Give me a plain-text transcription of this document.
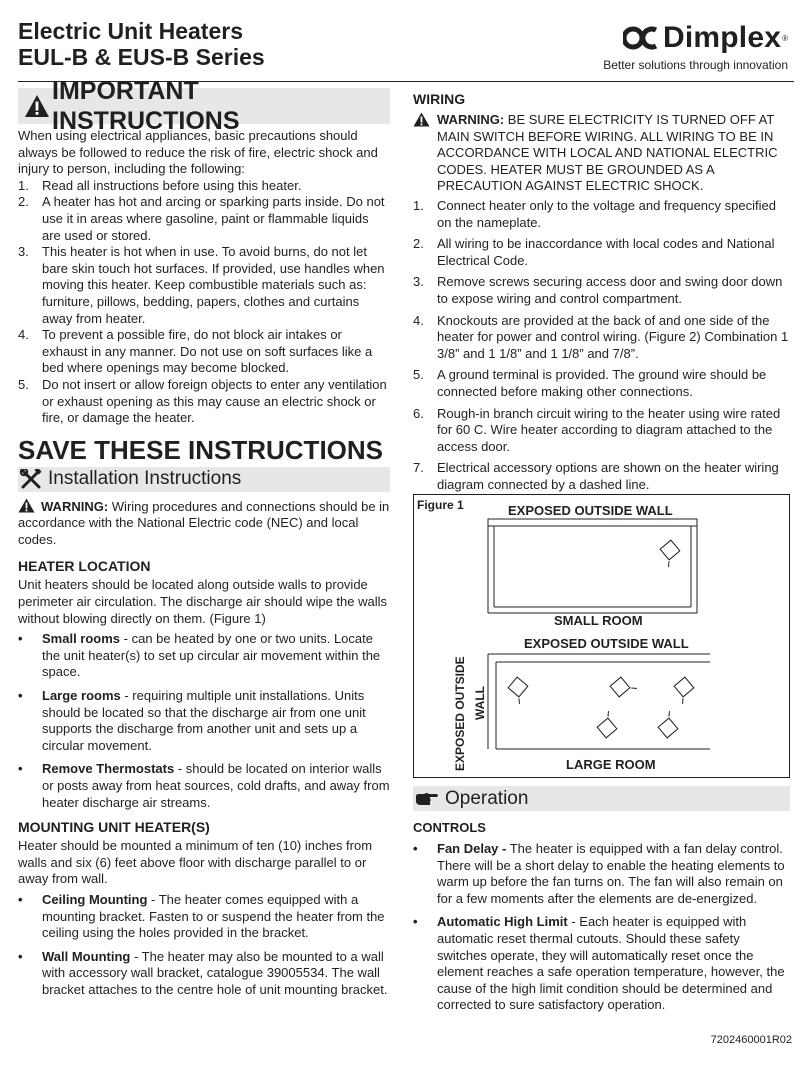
Electric Unit Heaters
EUL-B & EUS-B Series
Dimplex ®
Better solutions through innovation
IMPORTANT INSTRUCTIONS

When using electrical appliances, basic precautions should always be followed to reduce the risk of fire, electric shock and injury to person, including the following:

1.	Read all instructions before using this heater.
2.	A heater has hot and arcing or sparking parts inside. Do not use it in areas where gasoline, paint or flammable liquids are used or stored.
3.	This heater is hot when in use. To avoid burns, do not let bare skin touch hot surfaces. If provided, use handles when moving this heater. Keep combustible materials such as: furniture, pillows, bedding, papers, clothes and curtains away from heater.
4.	To prevent a possible fire, do not block air intakes or exhaust in any manner. Do not use on soft surfaces like a bed where openings may become blocked.
5.	Do not insert or allow foreign objects to enter any ventilation or exhaust opening as this may cause an electric shock or fire, or damage the heater.
SAVE THESE INSTRUCTIONS
Installation Instructions

WARNING: Wiring procedures and connections should be in accordance with the National Electric code (NEC) and local codes.

HEATER LOCATION

Unit heaters should be located along outside walls to provide perimeter air circulation. The discharge air should wipe the walls without blowing directly on them. (Figure 1)

•	Small rooms - can be heated by one or two units. Locate the unit heater(s) to set up circular air movement within the space.
•	Large rooms - requiring multiple unit installations. Units should be located so that the discharge air from one unit supports the discharge from another unit and sets up a circular movement.
•	Remove Thermostats - should be located on interior walls or posts away from heat sources, cold drafts, and away from heater discharge air streams.
MOUNTING UNIT HEATER(S)

Heater should be mounted a minimum of ten (10) inches from walls and six (6) feet above floor with discharge parallel to or away from wall.

•	Ceiling Mounting - The heater comes equipped with a mounting bracket. Fasten to or suspend the heater from the ceiling using the holes provided in the bracket.
•	Wall Mounting - The heater may also be mounted to a wall with accessory wall bracket, catalogue 39005534. The wall bracket attaches to the centre hole of unit mounting bracket.
WIRING
WARNING: BE SURE ELECTRICITY IS TURNED OFF AT MAIN SWITCH BEFORE WIRING. ALL WIRING TO BE IN ACCORDANCE WITH LOCAL AND NATIONAL ELECTRIC CODES. HEATER MUST BE GROUNDED AS A PRECAUTION AGAINST ELECTRIC SHOCK.
1.	Connect heater only to the voltage and frequency specified on the nameplate.
2.	All wiring to be inaccordance with local codes and National Electrical Code.
3.	Remove screws securing access door and swing door down to expose wiring and control compartment.
4.	Knockouts are provided at the back of and one side of the heater for power and control wiring. (Figure 2) Combination 1 3/8” and 1 1/8” and 1 1/8” and 7/8”.
5.	A ground terminal is provided. The ground wire should be connected before making other connections.
6.	Rough-in branch circuit wiring to the heater using wire rated for 60 C. Wire heater according to diagram attached to the access door.
7.	Electrical accessory options are shown on the heater wiring diagram connected by a dashed line.
Figure 1	EXPOSED OUTSIDE WALL
SMALL ROOM
EXPOSED OUTSIDE WALL
LARGE ROOM
EXPOSED OUTSIDE WALL
Operation
CONTROLS
•	Fan Delay - The heater is equipped with a fan delay control. There will be a short delay to enable the heating elements to warm up before the fan turns on. The fan will also remain on for a few moments after the elements are de-energized.
•	Automatic High Limit - Each heater is equipped with automatic reset thermal cutouts. Should these safety switches operate, they will automatically reset once the element reaches a safe operation temperature, however, the cause of the high limit condition should be determined and corrected to sure satisfactory operation.
7202460001R02
